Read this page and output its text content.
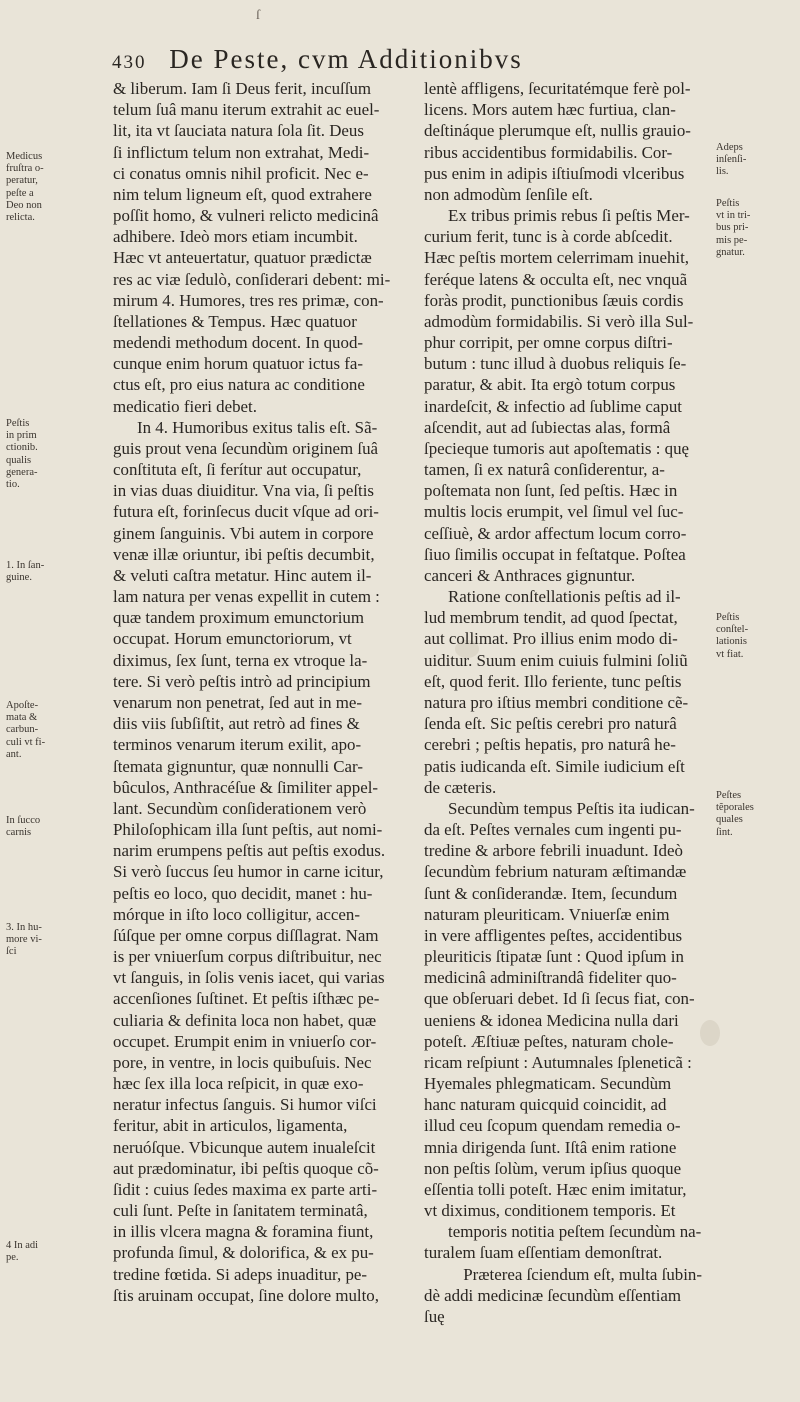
ſ
430 De Peste, cvm Additionibvs
& liberum. Iam ſi Deus ferit, incuſſum
telum ſuâ manu iterum extrahit ac euel-
lit, ita vt ſauciata natura ſola ſit. Deus
ſi inflictum telum non extrahat, Medi-
ci conatus omnis nihil proficit. Nec e-
nim telum ligneum eſt, quod extrahere
poſſit homo, & vulneri relicto medicinâ
adhibere. Ideò mors etiam incumbit.
Hæc vt anteuertatur, quatuor prædictæ
res ac viæ ſedulò, conſiderari debent: mi-
mirum 4. Humores, tres res primæ, con-
ſtellationes & Tempus. Hæc quatuor
medendi methodum docent. In quod-
cunque enim horum quatuor ictus fa-
ctus eſt, pro eius natura ac conditione
medicatio fieri debet.
In 4. Humoribus exitus talis eſt. Sã-
guis prout vena ſecundùm originem ſuâ
conſtituta eſt, ſi ferítur aut occupatur,
in vias duas diuiditur. Vna via, ſi peſtis
futura eſt, forinſecus ducit vſque ad ori-
ginem ſanguinis. Vbi autem in corpore
venæ illæ oriuntur, ibi peſtis decumbit,
& veluti caſtra metatur. Hinc autem il-
lam natura per venas expellit in cutem :
quæ tandem proximum emunctorium
occupat. Horum emunctoriorum, vt
diximus, ſex ſunt, terna ex vtroque la-
tere. Si verò peſtis intrò ad principium
venarum non penetrat, ſed aut in me-
diis viis ſubſiſtit, aut retrò ad fines &
terminos venarum iterum exilit, apo-
ſtemata gignuntur, quæ nonnulli Car-
bûculos, Anthracéſue & ſimiliter appel-
lant. Secundùm conſiderationem verò
Philoſophicam illa ſunt peſtis, aut nomi-
narim erumpens peſtis aut peſtis exodus.
Si verò ſuccus ſeu humor in carne icitur,
peſtis eo loco, quo decidit, manet : hu-
mórque in iſto loco colligitur, accen-
ſúſque per omne corpus diſſlagrat. Nam
is per vniuerſum corpus diſtribuitur, nec
vt ſanguis, in ſolis venis iacet, qui varias
accenſiones ſuſtinet. Et peſtis iſthæc pe-
culiaria & definita loca non habet, quæ
occupet. Erumpit enim in vniuerſo cor-
pore, in ventre, in locis quibuſuis. Nec
hæc ſex illa loca reſpicit, in quæ exo-
neratur infectus ſanguis. Si humor viſci
feritur, abit in articulos, ligamenta,
neruóſque. Vbicunque autem inualeſcit
aut prædominatur, ibi peſtis quoque cõ-
ſidit : cuius ſedes maxima ex parte arti-
culi ſunt. Peſte in ſanitatem terminatâ,
in illis vlcera magna & foramina fiunt,
profunda ſimul, & dolorifica, & ex pu-
tredine fœtida. Si adeps inuaditur, pe-
ſtis aruinam occupat, ſine dolore multo,
lentè affligens, ſecuritatémque ferè pol-
licens. Mors autem hæc furtiua, clan-
deſtináque plerumque eſt, nullis grauio-
ribus accidentibus formidabilis. Cor-
pus enim in adipis iſtiuſmodi vlceribus
non admodùm ſenſile eſt.
Ex tribus primis rebus ſi peſtis Mer-
curium ferit, tunc is à corde abſcedit.
Hæc peſtis mortem celerrimam inuehit,
feréque latens & occulta eſt, nec vnquã
foràs prodit, punctionibus ſæuis cordis
admodùm formidabilis. Si verò illa Sul-
phur corripit, per omne corpus diſtri-
butum : tunc illud à duobus reliquis ſe-
paratur, & abit. Ita ergò totum corpus
inardeſcit, & infectio ad ſublime caput
aſcendit, aut ad ſubiectas alas, formâ
ſpecieque tumoris aut apoſtematis : quę
tamen, ſi ex naturâ conſiderentur, a-
poſtemata non ſunt, ſed peſtis. Hæc in
multis locis erumpit, vel ſimul vel ſuc-
ceſſiuè, & ardor affectum locum corro-
ſiuo ſimilis occupat in feſtatque. Poſtea
canceri & Anthraces gignuntur.
Ratione conſtellationis peſtis ad il-
lud membrum tendit, ad quod ſpectat,
aut collimat. Pro illius enim modo di-
uiditur. Suum enim cuiuis fulmini ſoliũ
eſt, quod ferit. Illo feriente, tunc peſtis
natura pro iſtius membri conditione cẽ-
ſenda eſt. Sic peſtis cerebri pro naturâ
cerebri ; peſtis hepatis, pro naturâ he-
patis iudicanda eſt. Simile iudicium eſt
de cæteris.
Secundùm tempus Peſtis ita iudican-
da eſt. Peſtes vernales cum ingenti pu-
tredine & arbore febrili inuadunt. Ideò
ſecundùm febrium naturam æſtimandæ
ſunt & conſiderandæ. Item, ſecundum
naturam pleuriticam. Vniuerſæ enim
in vere affligentes peſtes, accidentibus
pleuriticis ſtipatæ ſunt : Quod ipſum in
medicinâ adminiſtrandâ fideliter quo-
que obſeruari debet. Id ſi ſecus fiat, con-
ueniens & idonea Medicina nulla dari
poteſt. Æſtiuæ peſtes, naturam chole-
ricam reſpiunt : Autumnales ſpleneticã :
Hyemales phlegmaticam. Secundùm
hanc naturam quicquid coincidit, ad
illud ceu ſcopum quendam remedia o-
mnia dirigenda ſunt. Iſtâ enim ratione
non peſtis ſolùm, verum ipſius quoque
eſſentia tolli poteſt. Hæc enim imitatur,
vt diximus, conditionem temporis. Et
temporis notitia peſtem ſecundùm na-
turalem ſuam eſſentiam demonſtrat.
Præterea ſciendum eſt, multa ſubin-
dè addi medicinæ ſecundùm eſſentiam
ſuę
Medicus
fruſtra o-
peratur,
peſte a
Deo non
relicta.
Peſtis
in prim
ctionib.
qualis
genera-
tio.
1. In ſan-
guine.
Apoſte-
mata &
carbun-
culi vt fi-
ant.
In ſucco
carnis
3. In hu-
more vi-
ſci
4 In adi
pe.
Adeps
inſenſi-
lis.
Peſtis
vt in tri-
bus pri-
mis pe-
gnatur.
Peſtis
conſtel-
lationis
vt fiat.
Peſtes
tẽporales
quales
ſint.
